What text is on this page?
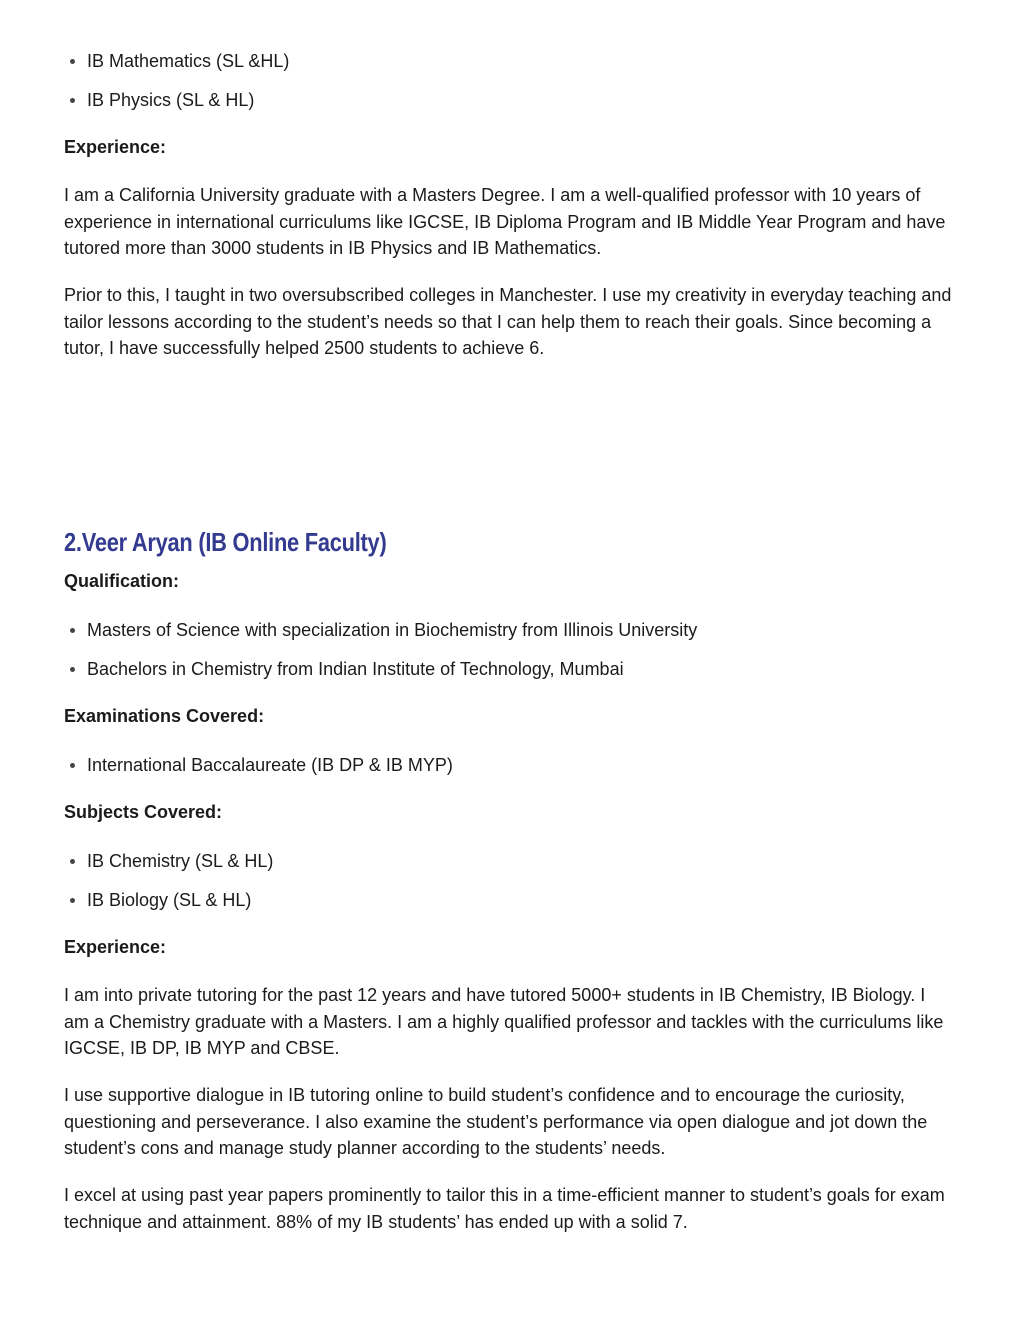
IB Mathematics (SL &HL)
IB Physics (SL & HL)
Experience:

I am a California University graduate with a Masters Degree. I am a well-qualified professor with 10 years of experience in international curriculums like IGCSE, IB Diploma Program and IB Middle Year Program and have tutored more than 3000 students in IB Physics and IB Mathematics.

Prior to this, I taught in two oversubscribed colleges in Manchester. I use my creativity in everyday teaching and tailor lessons according to the student’s needs so that I can help them to reach their goals. Since becoming a tutor, I have successfully helped 2500 students to achieve 6.

2.Veer Aryan (IB Online Faculty)
Qualification:
Masters of Science with specialization in Biochemistry from Illinois University
Bachelors in Chemistry from Indian Institute of Technology, Mumbai
Examinations Covered:
International Baccalaureate (IB DP & IB MYP)
Subjects Covered:
IB Chemistry (SL & HL)
IB Biology (SL & HL)
Experience:

I am into private tutoring for the past 12 years and have tutored 5000+ students in IB Chemistry, IB Biology. I am a Chemistry graduate with a Masters. I am a highly qualified professor and tackles with the curriculums like IGCSE, IB DP, IB MYP and CBSE.

I use supportive dialogue in IB tutoring online to build student’s confidence and to encourage the curiosity, questioning and perseverance. I also examine the student’s performance via open dialogue and jot down the student’s cons and manage study planner according to the students’ needs.

I excel at using past year papers prominently to tailor this in a time-efficient manner to student’s goals for exam technique and attainment. 88% of my IB students’ has ended up with a solid 7.
